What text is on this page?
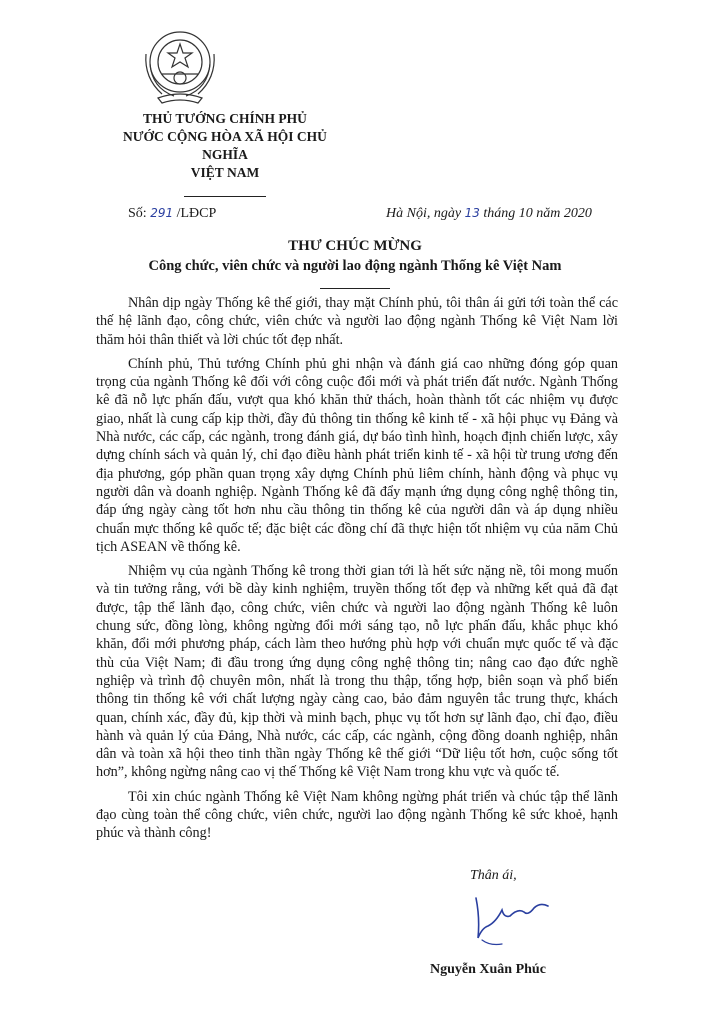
THỦ TƯỚNG CHÍNH PHỦ
NƯỚC CỘNG HÒA XÃ HỘI CHỦ NGHĨA
VIỆT NAM
Số: 291 /LĐCP	Hà Nội, ngày 13 tháng 10 năm 2020
THƯ CHÚC MỪNG
Công chức, viên chức và người lao động ngành Thống kê Việt Nam

Nhân dịp ngày Thống kê thế giới, thay mặt Chính phủ, tôi thân ái gửi tới toàn thể các thế hệ lãnh đạo, công chức, viên chức và người lao động ngành Thống kê Việt Nam lời thăm hỏi thân thiết và lời chúc tốt đẹp nhất.

Chính phủ, Thủ tướng Chính phủ ghi nhận và đánh giá cao những đóng góp quan trọng của ngành Thống kê đối với công cuộc đổi mới và phát triển đất nước. Ngành Thống kê đã nỗ lực phấn đấu, vượt qua khó khăn thử thách, hoàn thành tốt các nhiệm vụ được giao, nhất là cung cấp kịp thời, đầy đủ thông tin thống kê kinh tế - xã hội phục vụ Đảng và Nhà nước, các cấp, các ngành, trong đánh giá, dự báo tình hình, hoạch định chiến lược, xây dựng chính sách và quản lý, chỉ đạo điều hành phát triển kinh tế - xã hội từ trung ương đến địa phương, góp phần quan trọng xây dựng Chính phủ liêm chính, hành động và phục vụ người dân và doanh nghiệp. Ngành Thống kê đã đẩy mạnh ứng dụng công nghệ thông tin, đáp ứng ngày càng tốt hơn nhu cầu thông tin thống kê của người dân và áp dụng nhiều chuẩn mực thống kê quốc tế; đặc biệt các đồng chí đã thực hiện tốt nhiệm vụ của năm Chủ tịch ASEAN về thống kê.

Nhiệm vụ của ngành Thống kê trong thời gian tới là hết sức nặng nề, tôi mong muốn và tin tưởng rằng, với bề dày kinh nghiệm, truyền thống tốt đẹp và những kết quả đã đạt được, tập thể lãnh đạo, công chức, viên chức và người lao động ngành Thống kê luôn chung sức, đồng lòng, không ngừng đổi mới sáng tạo, nỗ lực phấn đấu, khắc phục khó khăn, đổi mới phương pháp, cách làm theo hướng phù hợp với chuẩn mực quốc tế và đặc thù của Việt Nam; đi đầu trong ứng dụng công nghệ thông tin; nâng cao đạo đức nghề nghiệp và trình độ chuyên môn, nhất là trong thu thập, tổng hợp, biên soạn và phổ biến thông tin thống kê với chất lượng ngày càng cao, bảo đảm nguyên tắc trung thực, khách quan, chính xác, đầy đủ, kịp thời và minh bạch, phục vụ tốt hơn sự lãnh đạo, chỉ đạo, điều hành và quản lý của Đảng, Nhà nước, các cấp, các ngành, cộng đồng doanh nghiệp, nhân dân và toàn xã hội theo tinh thần ngày Thống kê thế giới “Dữ liệu tốt hơn, cuộc sống tốt hơn”, không ngừng nâng cao vị thế Thống kê Việt Nam trong khu vực và quốc tế.

Tôi xin chúc ngành Thống kê Việt Nam không ngừng phát triển và chúc tập thể lãnh đạo cùng toàn thể công chức, viên chức, người lao động ngành Thống kê sức khoẻ, hạnh phúc và thành công!

Thân ái,
Nguyễn Xuân Phúc
